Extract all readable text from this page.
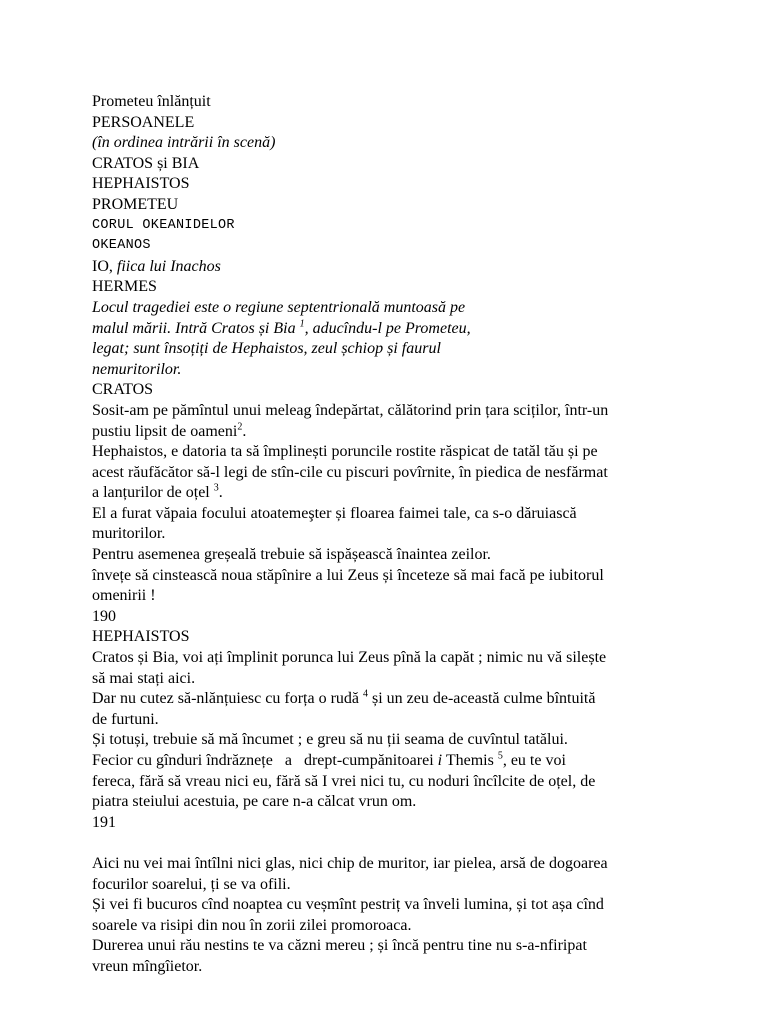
Prometeu înlănțuit

PERSOANELE

(în ordinea intrării în scenă)

CRATOS și BIA

HEPHAISTOS

PROMETEU

CORUL OKEANIDELOR

OKEANOS

IO, fiica lui Inachos

HERMES

Locul tragediei este o regiune septentrională muntoasă pe

malul mării. Intră Cratos și Bia $^1$, aducîndu-l pe Prometeu,

legat; sunt însoțiți de Hephaistos, zeul șchiop și faurul

nemuritorilor.

CRATOS

Sosit-am pe pămîntul unui meleag îndepărtat, călătorind prin țara sciților, într-un

pustiu lipsit de oameni$^2$.

Hephaistos, e datoria ta să împlinești poruncile rostite răspicat de tatăl tău și pe

acest răufăcător să-l legi de stîn-cile cu piscuri povîrnite, în piedica de nesfărmat

a lanțurilor de oțel $^3$.

El a furat văpaia focului atoatemeşter și floarea faimei tale, ca s-o dăruiască

muritorilor.

Pentru asemenea greșeală trebuie să ispășească înaintea zeilor.

învețe să cinstească noua stăpînire a lui Zeus și înceteze să mai facă pe iubitorul

omenirii !

190

HEPHAISTOS

Cratos și Bia, voi ați împlinit porunca lui Zeus pînă la capăt ; nimic nu vă silește

să mai stați aici.

Dar nu cutez să-nlănțuiesc cu forța o rudă $^4$ și un zeu de-această culme bîntuită

de furtuni.

Și totuși, trebuie să mă încumet ; e greu să nu ții seama de cuvîntul tatălui.

Fecior cu gînduri îndrăznețe a drept-cumpănitoarei i Themis $^5$, eu te voi

fereca, fără să vreau nici eu, fără să I vrei nici tu, cu noduri încîlcite de oțel, de

piatra steiului acestuia, pe care n-a călcat vrun om.

191

Aici nu vei mai întîlni nici glas, nici chip de muritor, iar pielea, arsă de dogoarea

focurilor soarelui, ți se va ofili.

Și vei fi bucuros cînd noaptea cu veșmînt pestriț va înveli lumina, și tot așa cînd

soarele va risipi din nou în zorii zilei promoroaca.

Durerea unui rău nestins te va căzni mereu ; și încă pentru tine nu s-a-nfiripat

vreun mîngîietor.
